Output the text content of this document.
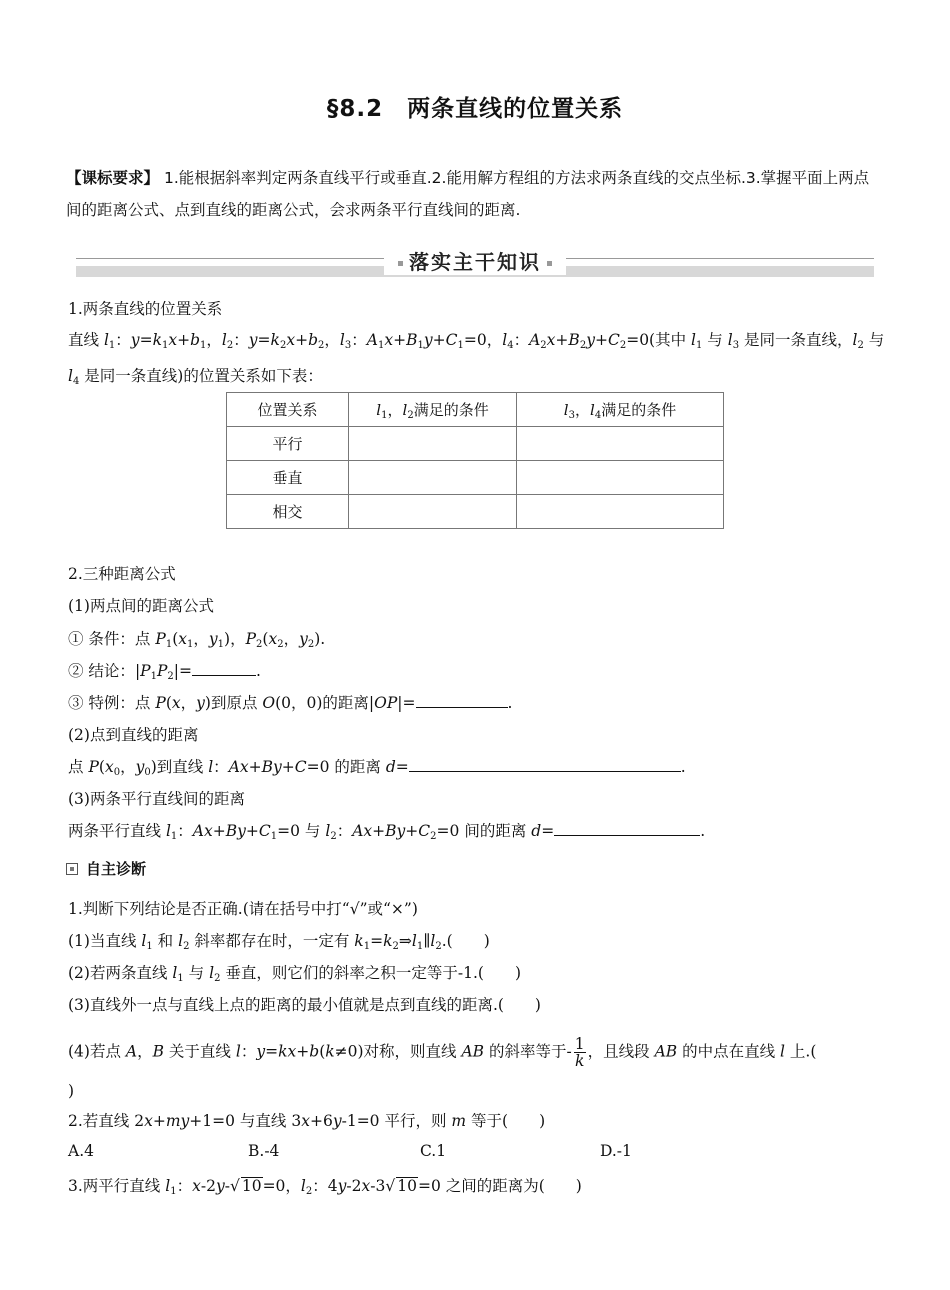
§8.2　两条直线的位置关系
【课标要求】 1.能根据斜率判定两条直线平行或垂直.2.能用解方程组的方法求两条直线的交点坐标.3.掌握平面上两点间的距离公式、点到直线的距离公式，会求两条平行直线间的距离.
落实主干知识
1.两条直线的位置关系
直线 $l_1$：$y=k_1x+b_1$，$l_2$：$y=k_2x+b_2$，$l_3$：$A_1x+B_1y+C_1=0$，$l_4$：$A_2x+B_2y+C_2=0$(其中 $l_1$ 与 $l_3$ 是同一条直线，$l_2$ 与 $l_4$ 是同一条直线)的位置关系如下表：
位置关系	$l_1$，$l_2$满足的条件	$l_3$，$l_4$满足的条件
平行		
垂直		
相交		
2.三种距离公式
(1)两点间的距离公式
① 条件：点 $P_1(x_1$，$y_1$)，$P_2(x_2$，$y_2$).
② 结论：$|P_1P_2|=$	.
③ 特例：点 P(x，y)到原点 O(0，0)的距离|OP|=	.
(2)点到直线的距离
点 $P(x_0$，$y_0$)到直线 l：Ax+By+C=0 的距离 d=	.
(3)两条平行直线间的距离
两条平行直线 $l_1$：$Ax+By+C_1=0$ 与 $l_2$：$Ax+By+C_2=0$ 间的距离 d=	.
自主诊断
1.判断下列结论是否正确.(请在括号中打“√”或“×”)
(1)当直线 $l_1$ 和 $l_2$ 斜率都存在时，一定有 $k_1=k_2\Rightarrow l_1\parallel l_2$.(　　)
(2)若两条直线 $l_1$ 与 $l_2$ 垂直，则它们的斜率之积一定等于-1.(　　)
(3)直线外一点与直线上点的距离的最小值就是点到直线的距离.(　　)
(4)若点 A，B 关于直线 l：y=kx+b(k≠0)对称，则直线 AB 的斜率等于- $\frac{1}{k}$ ，且线段 AB 的中点在直线 l 上.(
)
2.若直线 2x+my+1=0 与直线 3x+6y-1=0 平行，则 m 等于(　　)
A.4	B.-4	C.1	D.-1
3.两平行直线 $l_1$：x-2y-√ 10=0，$l_2$：4y-2x-3√ 10=0 之间的距离为(　　)
